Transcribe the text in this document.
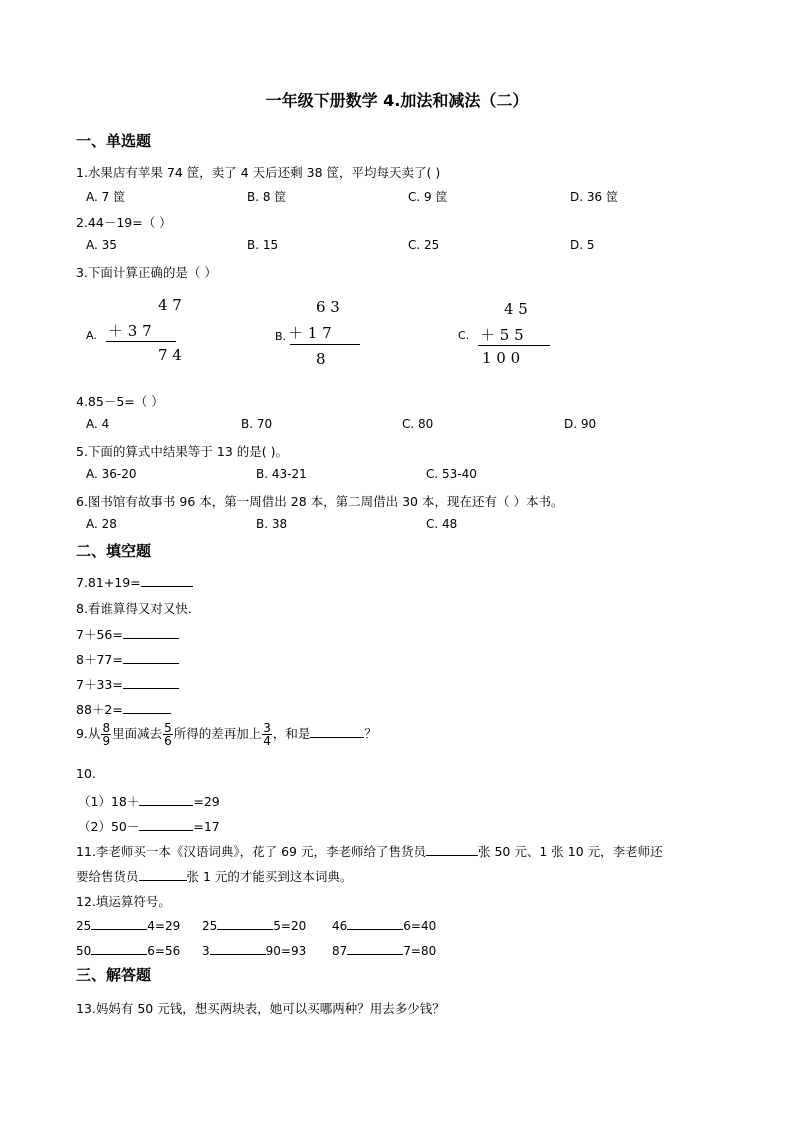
一年级下册数学 4.加法和减法（二）
一、单选题
1.水果店有苹果 74 筐，卖了 4 天后还剩 38 筐，平均每天卖了( )
A. 7 筐	B. 8 筐	C. 9 筐	D. 36 筐
2.44－19=（ ）
A. 35	B. 15	C. 25	D. 5
3.下面计算正确的是（ ）
A.
4 7
＋ 3 7
7 4
B.
6 3
＋ 1 7
8
C.
4 5
＋ 5 5
1 0 0
4.85－5=（ ）
A. 4	B. 70	C. 80	D. 90
5.下面的算式中结果等于 13 的是( )。
A. 36-20	B. 43-21	C. 53-40
6.图书馆有故事书 96 本，第一周借出 28 本，第二周借出 30 本，现在还有（ ）本书。
A. 28	B. 38	C. 48
二、填空题
7.81+19=
8.看谁算得又对又快．
7＋56=
8＋77=
7＋33=
88＋2=
9.从 $\frac{8}{9}$ 里面减去 $\frac{5}{6}$ 所得的差再加上 $\frac{3}{4}$ ，和是	？
10.
（1）18＋	=29
（2）50－	=17
11.李老师买一本《汉语词典》，花了 69 元，李老师给了售货员	张 50 元、1 张 10 元，李老师还
要给售货员	张 1 元的才能买到这本词典。
12.填运算符号。
25	4=29 25	5=20 46	6=40
50	6=56 3	90=93 87	7=80
三、解答题
13.妈妈有 50 元钱，想买两块表，她可以买哪两种？用去多少钱？
